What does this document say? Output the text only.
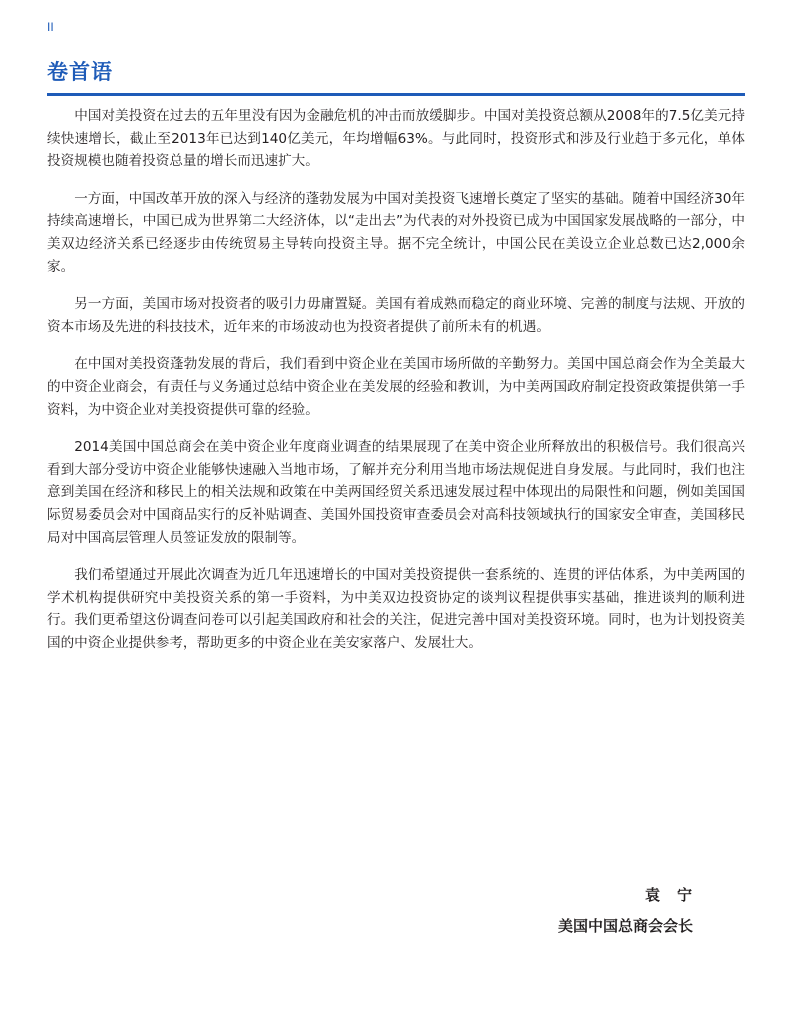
II
卷首语

中国对美投资在过去的五年里没有因为金融危机的冲击而放缓脚步。中国对美投资总额从2008年的7.5亿美元持续快速增长，截止至2013年已达到140亿美元，年均增幅63%。与此同时，投资形式和涉及行业趋于多元化，单体投资规模也随着投资总量的增长而迅速扩大。

一方面，中国改革开放的深入与经济的蓬勃发展为中国对美投资飞速增长奠定了坚实的基础。随着中国经济30年持续高速增长，中国已成为世界第二大经济体，以“走出去”为代表的对外投资已成为中国国家发展战略的一部分，中美双边经济关系已经逐步由传统贸易主导转向投资主导。据不完全统计，中国公民在美设立企业总数已达2,000余家。

另一方面，美国市场对投资者的吸引力毋庸置疑。美国有着成熟而稳定的商业环境、完善的制度与法规、开放的资本市场及先进的科技技术，近年来的市场波动也为投资者提供了前所未有的机遇。

在中国对美投资蓬勃发展的背后，我们看到中资企业在美国市场所做的辛勤努力。美国中国总商会作为全美最大的中资企业商会，有责任与义务通过总结中资企业在美发展的经验和教训，为中美两国政府制定投资政策提供第一手资料，为中资企业对美投资提供可靠的经验。

2014美国中国总商会在美中资企业年度商业调查的结果展现了在美中资企业所释放出的积极信号。我们很高兴看到大部分受访中资企业能够快速融入当地市场，了解并充分利用当地市场法规促进自身发展。与此同时，我们也注意到美国在经济和移民上的相关法规和政策在中美两国经贸关系迅速发展过程中体现出的局限性和问题，例如美国国际贸易委员会对中国商品实行的反补贴调查、美国外国投资审查委员会对高科技领域执行的国家安全审查，美国移民局对中国高层管理人员签证发放的限制等。

我们希望通过开展此次调查为近几年迅速增长的中国对美投资提供一套系统的、连贯的评估体系，为中美两国的学术机构提供研究中美投资关系的第一手资料，为中美双边投资协定的谈判议程提供事实基础，推进谈判的顺利进行。我们更希望这份调查问卷可以引起美国政府和社会的关注，促进完善中国对美投资环境。同时，也为计划投资美国的中资企业提供参考，帮助更多的中资企业在美安家落户、发展壮大。

袁　宁
美国中国总商会会长
